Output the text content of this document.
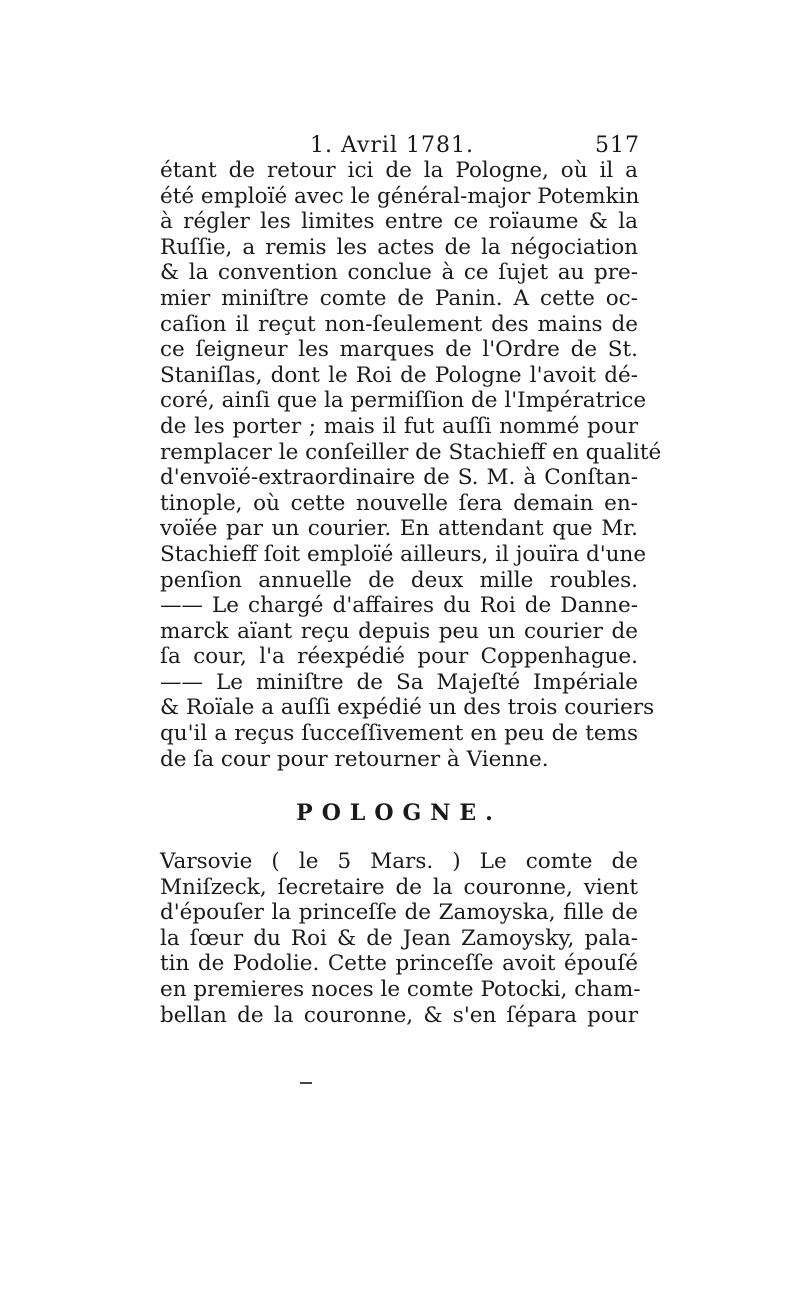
1. Avril 1781.	517
étant de retour ici de la Pologne, où il a
été emploïé avec le général-major Potemkin
à régler les limites entre ce roïaume & la
Ruſſie, a remis les actes de la négociation
& la convention conclue à ce ſujet au pre-
mier miniſtre comte de Panin. A cette oc-
caſion il reçut non-ſeulement des mains de
ce ſeigneur les marques de l'Ordre de St.
Staniſlas, dont le Roi de Pologne l'avoit dé-
coré, ainſi que la permiſſion de l'Impératrice
de les porter ; mais il fut auſſi nommé pour
remplacer le conſeiller de Stachieff en qualité
d'envoïé-extraordinaire de S. M. à Conſtan-
tinople, où cette nouvelle ſera demain en-
voïée par un courier. En attendant que Mr.
Stachieff ſoit emploïé ailleurs, il jouïra d'une
penſion annuelle de deux mille roubles.
—— Le chargé d'affaires du Roi de Danne-
marck aïant reçu depuis peu un courier de
ſa cour, l'a réexpédié pour Coppenhague.
—— Le miniſtre de Sa Majeſté Impériale
& Roïale a auſſi expédié un des trois couriers
qu'il a reçus ſucceſſivement en peu de tems
de ſa cour pour retourner à Vienne.
POLOGNE.
Varsovie ( le 5 Mars. ) Le comte de
Mniſzeck, ſecretaire de la couronne, vient
d'épouſer la princeſſe de Zamoyska, fille de
la ſœur du Roi & de Jean Zamoysky, pala-
tin de Podolie. Cette princeſſe avoit épouſé
en premieres noces le comte Potocki, cham-
bellan de la couronne, & s'en ſépara pour
